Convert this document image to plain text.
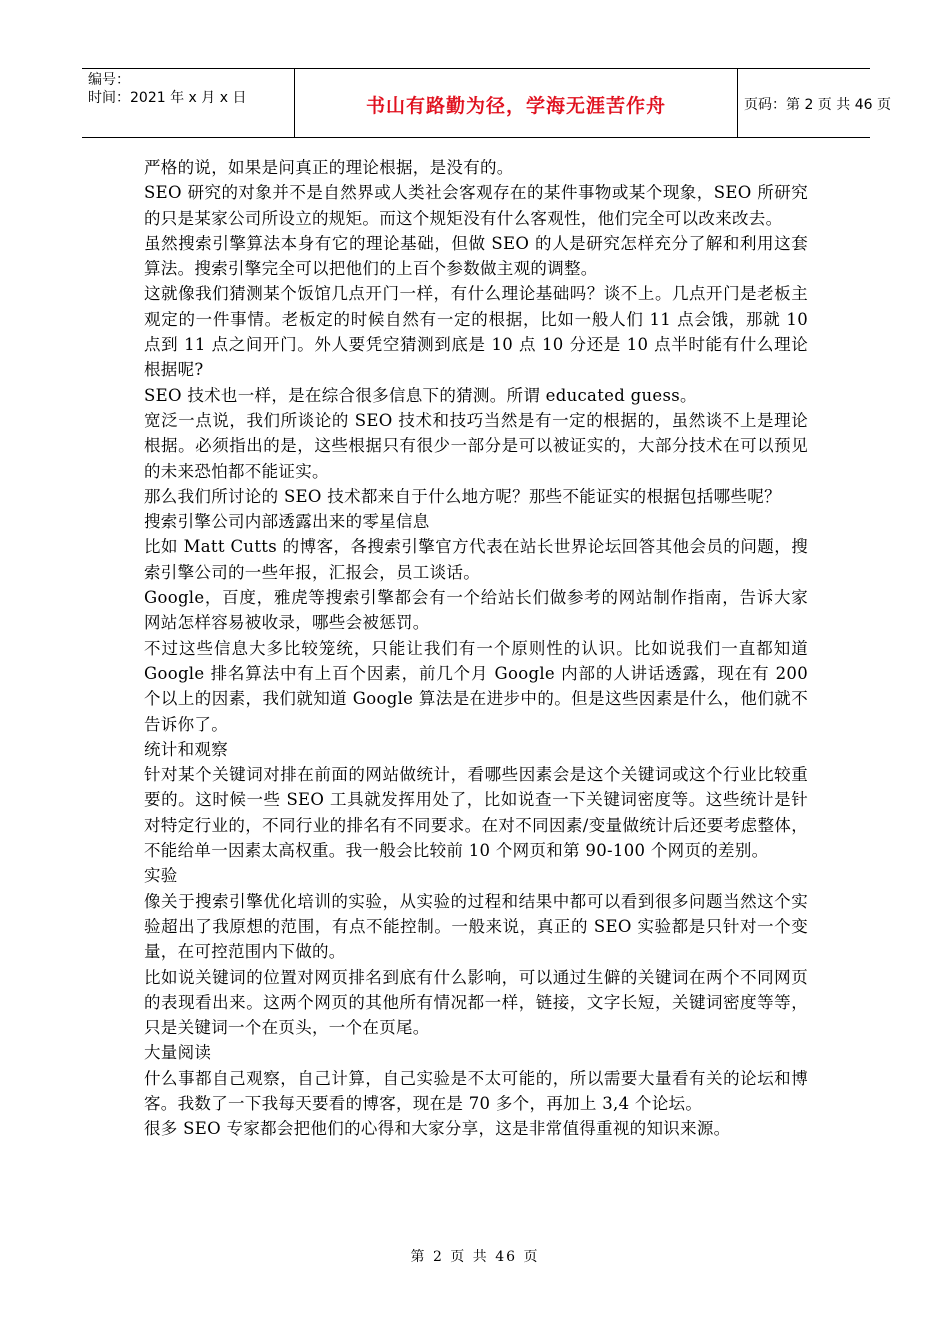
编号：
时间：2021 年 x 月 x 日	书山有路勤为径，学海无涯苦作舟	页码：第 2 页 共 46 页

严格的说，如果是问真正的理论根据，是没有的。

SEO 研究的对象并不是自然界或人类社会客观存在的某件事物或某个现象，SEO 所研究的只是某家公司所设立的规矩。而这个规矩没有什么客观性，他们完全可以改来改去。

虽然搜索引擎算法本身有它的理论基础，但做 SEO 的人是研究怎样充分了解和利用这套算法。搜索引擎完全可以把他们的上百个参数做主观的调整。

这就像我们猜测某个饭馆几点开门一样，有什么理论基础吗？谈不上。几点开门是老板主观定的一件事情。老板定的时候自然有一定的根据，比如一般人们 11 点会饿，那就 10 点到 11 点之间开门。外人要凭空猜测到底是 10 点 10 分还是 10 点半时能有什么理论根据呢?

SEO 技术也一样，是在综合很多信息下的猜测。所谓 educated guess。

宽泛一点说，我们所谈论的 SEO 技术和技巧当然是有一定的根据的，虽然谈不上是理论根据。必须指出的是，这些根据只有很少一部分是可以被证实的，大部分技术在可以预见的未来恐怕都不能证实。

那么我们所讨论的 SEO 技术都来自于什么地方呢？那些不能证实的根据包括哪些呢？

搜索引擎公司内部透露出来的零星信息

比如 Matt Cutts 的博客，各搜索引擎官方代表在站长世界论坛回答其他会员的问题，搜索引擎公司的一些年报，汇报会，员工谈话。

Google，百度，雅虎等搜索引擎都会有一个给站长们做参考的网站制作指南，告诉大家网站怎样容易被收录，哪些会被惩罚。

不过这些信息大多比较笼统，只能让我们有一个原则性的认识。比如说我们一直都知道 Google 排名算法中有上百个因素，前几个月 Google 内部的人讲话透露，现在有 200 个以上的因素，我们就知道 Google 算法是在进步中的。但是这些因素是什么，他们就不告诉你了。

统计和观察

针对某个关键词对排在前面的网站做统计，看哪些因素会是这个关键词或这个行业比较重要的。这时候一些 SEO 工具就发挥用处了，比如说查一下关键词密度等。这些统计是针对特定行业的，不同行业的排名有不同要求。在对不同因素/变量做统计后还要考虑整体，不能给单一因素太高权重。我一般会比较前 10 个网页和第 90-100 个网页的差别。

实验

像关于搜索引擎优化培训的实验，从实验的过程和结果中都可以看到很多问题当然这个实验超出了我原想的范围，有点不能控制。一般来说，真正的 SEO 实验都是只针对一个变量，在可控范围内下做的。

比如说关键词的位置对网页排名到底有什么影响，可以通过生僻的关键词在两个不同网页的表现看出来。这两个网页的其他所有情况都一样，链接，文字长短，关键词密度等等，只是关键词一个在页头，一个在页尾。

大量阅读

什么事都自己观察，自己计算，自己实验是不太可能的，所以需要大量看有关的论坛和博客。我数了一下我每天要看的博客，现在是 70 多个，再加上 3,4 个论坛。

很多 SEO 专家都会把他们的心得和大家分享，这是非常值得重视的知识来源。

第 2 页 共 46 页
